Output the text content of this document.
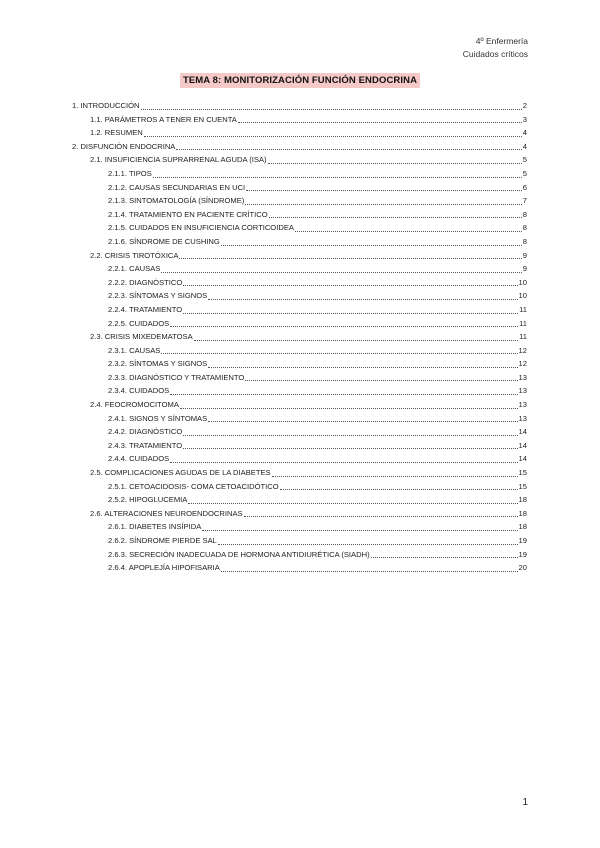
4º Enfermería
Cuidados críticos
TEMA 8: MONITORIZACIÓN FUNCIÓN ENDOCRINA
1. INTRODUCCIÓN	2
1.1. PARÁMETROS A TENER EN CUENTA	3
1.2. RESUMEN	4
2. DISFUNCIÓN ENDOCRINA	4
2.1. INSUFICIENCIA SUPRARRENAL AGUDA (ISA)	5
2.1.1. TIPOS	5
2.1.2. CAUSAS SECUNDARIAS EN UCI	6
2.1.3. SINTOMATOLOGÍA (SÍNDROME)	7
2.1.4. TRATAMIENTO EN PACIENTE CRÍTICO	8
2.1.5. CUIDADOS EN INSUFICIENCIA CORTICOIDEA	8
2.1.6. SÍNDROME DE CUSHING	8
2.2. CRISIS TIROTÓXICA	9
2.2.1. CAUSAS	9
2.2.2. DIAGNÓSTICO	10
2.2.3. SÍNTOMAS Y SIGNOS	10
2.2.4. TRATAMIENTO	11
2.2.5. CUIDADOS	11
2.3. CRISIS MIXEDEMATOSA	11
2.3.1. CAUSAS	12
2.3.2. SÍNTOMAS Y SIGNOS	12
2.3.3. DIAGNÓSTICO Y TRATAMIENTO	13
2.3.4. CUIDADOS	13
2.4. FEOCROMOCITOMA	13
2.4.1. SIGNOS Y SÍNTOMAS	13
2.4.2. DIAGNÓSTICO	14
2.4.3. TRATAMIENTO	14
2.4.4. CUIDADOS	14
2.5. COMPLICACIONES AGUDAS DE LA DIABETES	15
2.5.1. CETOACIDOSIS- COMA CETOACIDÓTICO	15
2.5.2. HIPOGLUCEMIA	18
2.6. ALTERACIONES NEUROENDOCRINAS	18
2.6.1. DIABETES INSÍPIDA	18
2.6.2. SÍNDROME PIERDE SAL	19
2.6.3. SECRECIÓN INADECUADA DE HORMONA ANTIDIURÉTICA (SIADH)	19
2.6.4. APOPLEJÍA HIPOFISARIA	20
1
